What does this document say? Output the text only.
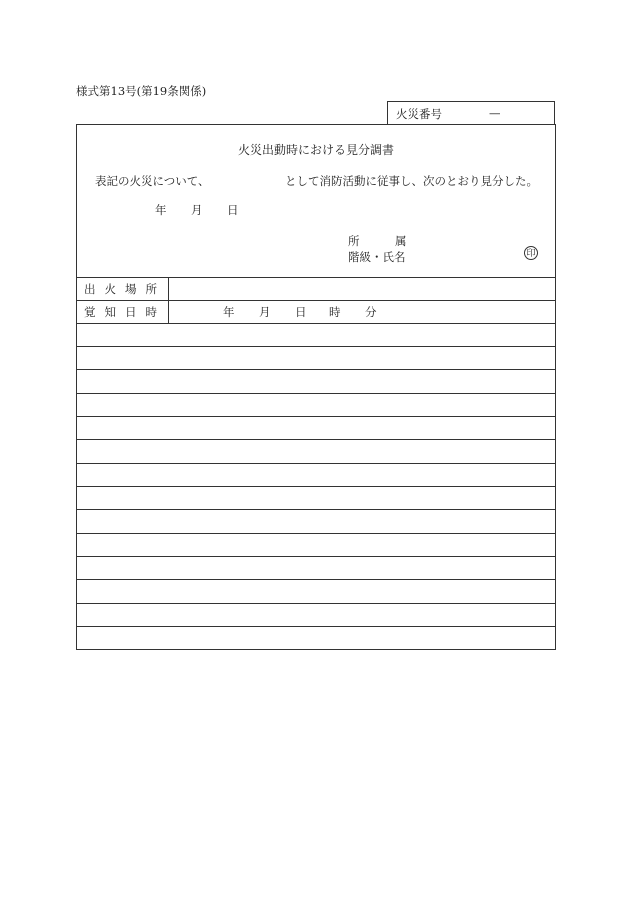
様式第13号(第19条関係)
火災番号	—
火災出動時における見分調書
表記の火災について、	として消防活動に従事し、次のとおり見分した。
年 月 日
所	属
階級・氏名	印
出火場所
覚知日時	年 月 日 時 分
